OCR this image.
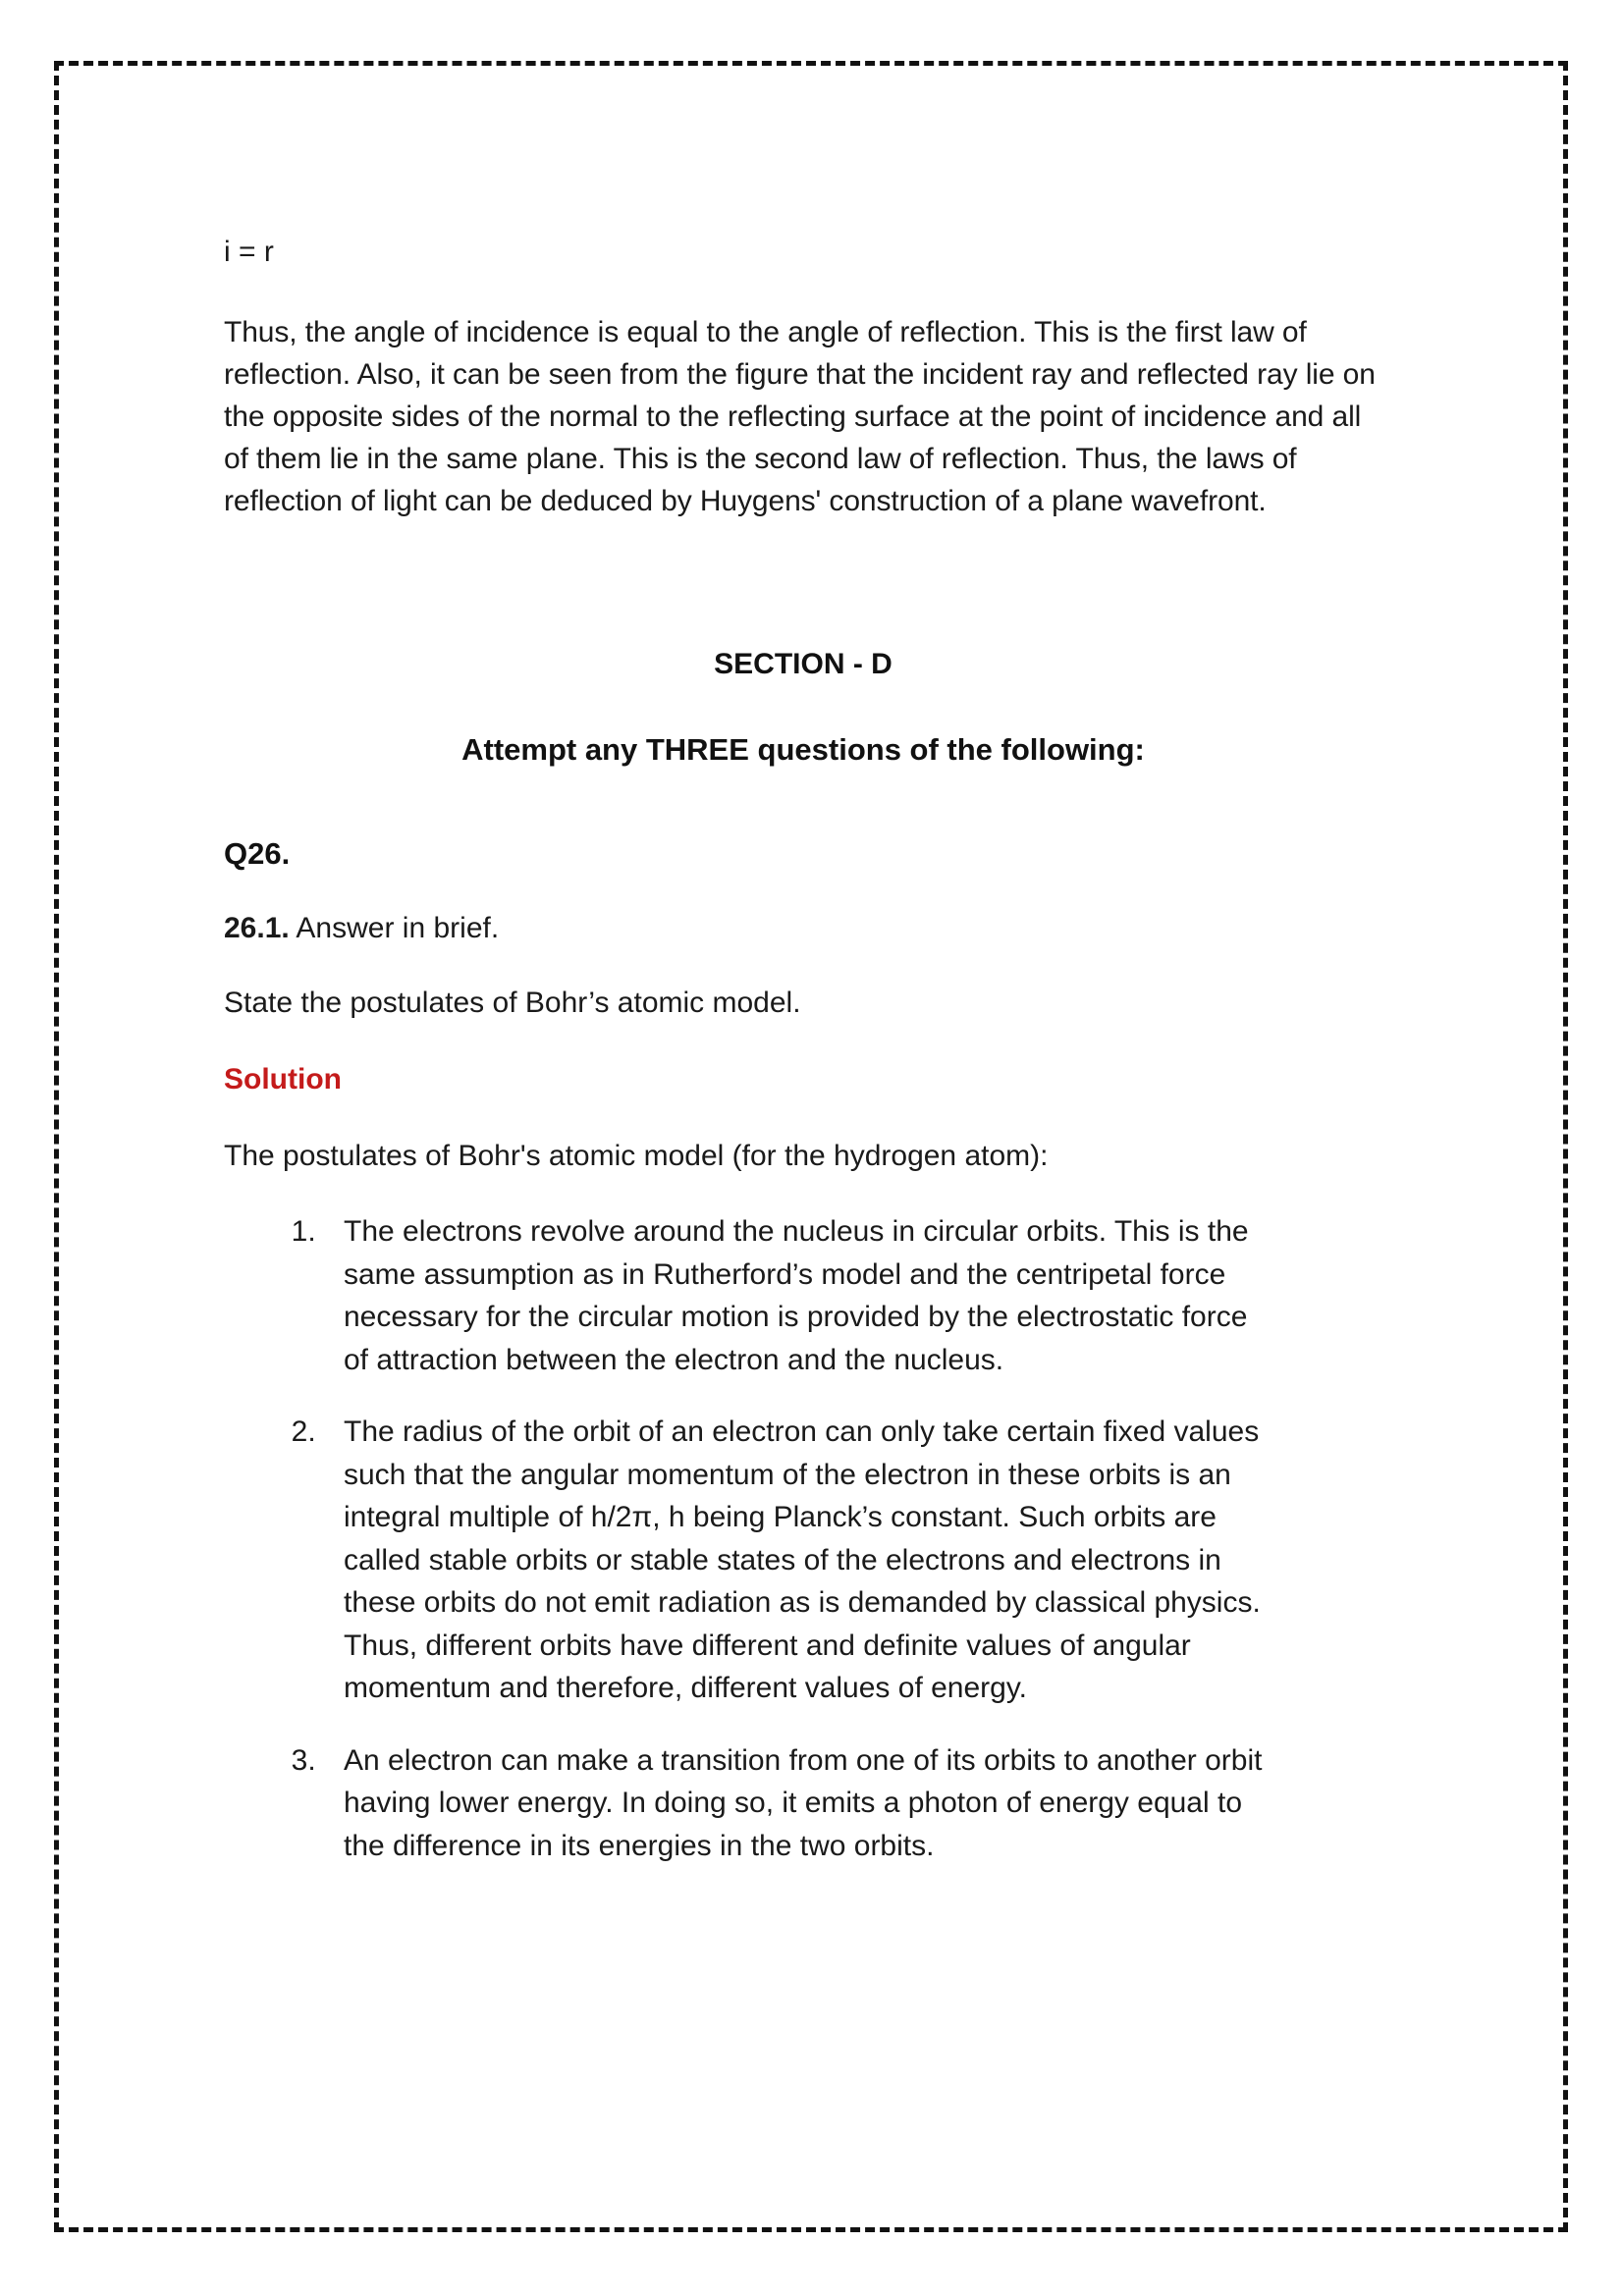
i = r

Thus, the angle of incidence is equal to the angle of reflection. This is the first law of reflection. Also, it can be seen from the figure that the incident ray and reflected ray lie on the opposite sides of the normal to the reflecting surface at the point of incidence and all of them lie in the same plane. This is the second law of reflection. Thus, the laws of reflection of light can be deduced by Huygens' construction of a plane wavefront.

SECTION - D

Attempt any THREE questions of the following:

Q26.

26.1. Answer in brief.

State the postulates of Bohr’s atomic model.

Solution

The postulates of Bohr's atomic model (for the hydrogen atom):

1. The electrons revolve around the nucleus in circular orbits. This is the same assumption as in Rutherford’s model and the centripetal force necessary for the circular motion is provided by the electrostatic force of attraction between the electron and the nucleus.
2. The radius of the orbit of an electron can only take certain fixed values such that the angular momentum of the electron in these orbits is an integral multiple of h/2π, h being Planck’s constant. Such orbits are called stable orbits or stable states of the electrons and electrons in these orbits do not emit radiation as is demanded by classical physics. Thus, different orbits have different and definite values of angular momentum and therefore, different values of energy.
3. An electron can make a transition from one of its orbits to another orbit having lower energy. In doing so, it emits a photon of energy equal to the difference in its energies in the two orbits.
